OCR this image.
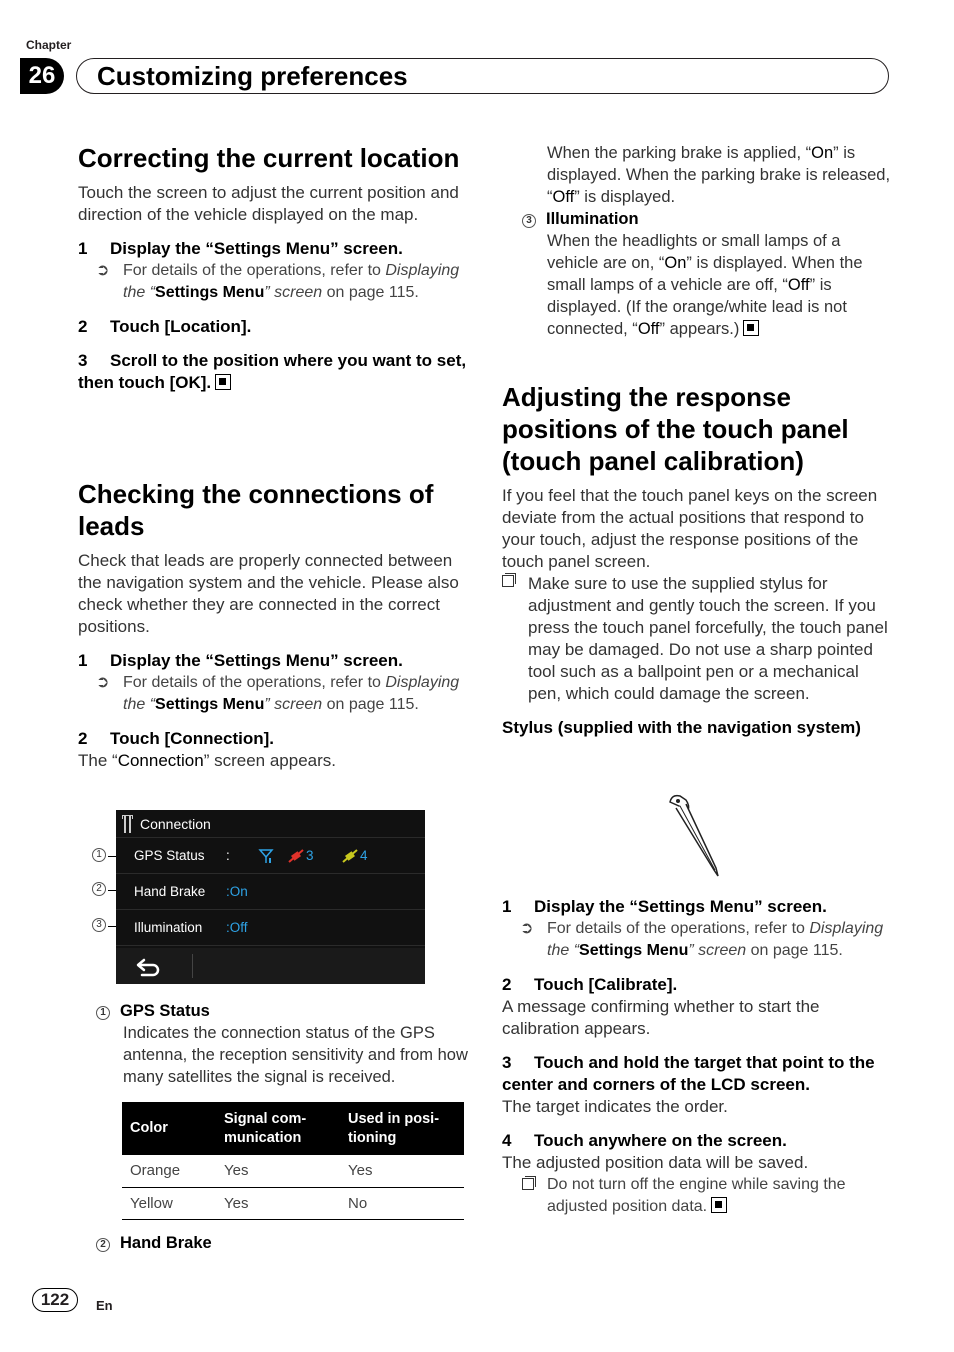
Chapter
26	Customizing preferences
Correcting the current location
Touch the screen to adjust the current position and direction of the vehicle displayed on the map.
1 Display the “Settings Menu” screen.
➲ For details of the operations, refer to Displaying the “Settings Menu” screen on page 115.
2 Touch [Location].
3 Scroll to the position where you want to set, then touch [OK].
Checking the connections of leads
Check that leads are properly connected between the navigation system and the vehicle. Please also check whether they are connected in the correct positions.
1 Display the “Settings Menu” screen.
➲ For details of the operations, refer to Displaying the “Settings Menu” screen on page 115.
2 Touch [Connection].
The “Connection” screen appears.
1
2
3
Connection
GPS Status :	3	4
Hand Brake :On
Illumination :Off
1 GPS Status
Indicates the connection status of the GPS antenna, the reception sensitivity and from how many satellites the signal is received.
Color	Signal com-munication	Used in posi-tioning
Orange	Yes	Yes
Yellow	Yes	No
2 Hand Brake
When the parking brake is applied, “On” is displayed. When the parking brake is released, “Off” is displayed.
3 Illumination
When the headlights or small lamps of a vehicle are on, “On” is displayed. When the small lamps of a vehicle are off, “Off” is displayed. (If the orange/white lead is not connected, “Off” appears.)
Adjusting the response positions of the touch panel (touch panel calibration)
If you feel that the touch panel keys on the screen deviate from the actual positions that respond to your touch, adjust the response positions of the touch panel screen.
Make sure to use the supplied stylus for adjustment and gently touch the screen. If you press the touch panel forcefully, the touch panel may be damaged. Do not use a sharp pointed tool such as a ballpoint pen or a mechanical pen, which could damage the screen.
Stylus (supplied with the navigation system)
1 Display the “Settings Menu” screen.
➲ For details of the operations, refer to Displaying the “Settings Menu” screen on page 115.
2 Touch [Calibrate].
A message confirming whether to start the calibration appears.
3 Touch and hold the target that point to the center and corners of the LCD screen.
The target indicates the order.
4 Touch anywhere on the screen.
The adjusted position data will be saved.
Do not turn off the engine while saving the adjusted position data.
122	En
